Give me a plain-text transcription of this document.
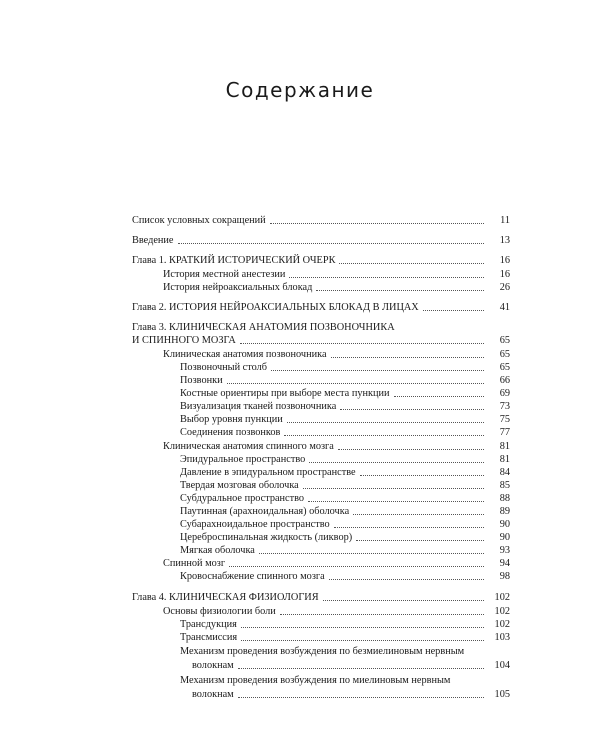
Содержание
Список условных сокращений	11
Введение	13
Глава 1. КРАТКИЙ ИСТОРИЧЕСКИЙ ОЧЕРК	16
История местной анестезии	16
История нейроаксиальных блокад	26
Глава 2. ИСТОРИЯ НЕЙРОАКСИАЛЬНЫХ БЛОКАД В ЛИЦАХ	41
Глава 3. КЛИНИЧЕСКАЯ АНАТОМИЯ ПОЗВОНОЧНИКА
И СПИННОГО МОЗГА	65
Клиническая анатомия позвоночника	65
Позвоночный столб	65
Позвонки	66
Костные ориентиры при выборе места пункции	69
Визуализация тканей позвоночника	73
Выбор уровня пункции	75
Соединения позвонков	77
Клиническая анатомия спинного мозга	81
Эпидуральное пространство	81
Давление в эпидуральном пространстве	84
Твердая мозговая оболочка	85
Субдуральное пространство	88
Паутинная (арахноидальная) оболочка	89
Субарахноидальное пространство	90
Цереброспинальная жидкость (ликвор)	90
Мягкая оболочка	93
Спинной мозг	94
Кровоснабжение спинного мозга	98
Глава 4. КЛИНИЧЕСКАЯ ФИЗИОЛОГИЯ	102
Основы физиологии боли	102
Трансдукция	102
Трансмиссия	103
Механизм проведения возбуждения по безмиелиновым нервным
волокнам	104
Механизм проведения возбуждения по миелиновым нервным
волокнам	105
